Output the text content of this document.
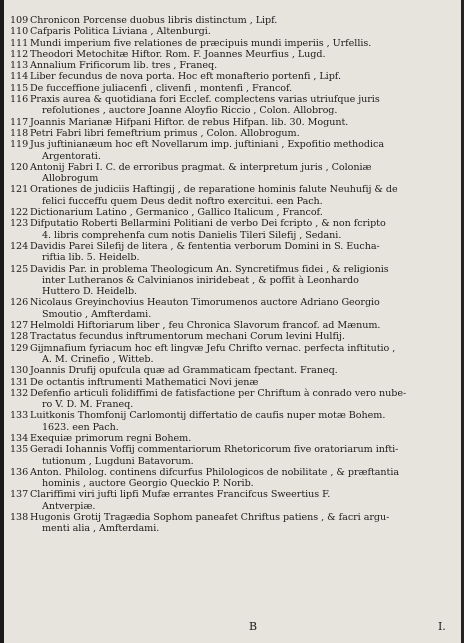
109 Chronicon Porcense duobus libris distinctum , Lipf.
110 Cafparis Politica Liviana , Altenburgi.
111 Mundi imperium five relationes de præcipuis mundi imperiis , Urfellis.
112 Theodori Metochitæ Hiftor. Rom. F. Joannes Meurfius , Lugd.
113 Annalium Frificorum lib. tres , Franeq.
114 Liber fecundus de nova porta. Hoc eft monafterio portenfi , Lipf.
115 De fucceffione juliacenfi , clivenfi , montenfi , Francof.
116 Praxis aurea & quotidiana fori Ecclef. complectens varias utriufque juris
refolutiones , auctore Joanne Aloyfio Riccio , Colon. Allobrog.
117 Joannis Marianæ Hifpani Hiftor. de rebus Hifpan. lib. 30. Mogunt.
118 Petri Fabri libri femeftrium primus , Colon. Allobrogum.
119 Jus juftinianæum hoc eft Novellarum imp. juftiniani , Expofitio methodica
Argentorati.
120 Antonij Fabri I. C. de erroribus pragmat. & interpretum juris , Coloniæ
Allobrogum
121 Orationes de judiciis Haftingij , de reparatione hominis falute Neuhufij & de
felici fucceffu quem Deus dedit noftro exercitui. een Pach.
122 Dictionarium Latino , Germanico , Gallico Italicum , Francof.
123 Difputatio Roberti Bellarmini Politiani de verbo Dei fcripto , & non fcripto
4. libris comprehenfa cum notis Danielis Tileri Silefij , Sedani.
124 Davidis Parei Silefij de litera , & fententia verborum Domini in S. Eucha-
riftia lib. 5. Heidelb.
125 Davidis Par. in problema Theologicum An. Syncretifmus fidei , & religionis
inter Lutheranos & Calvinianos iniridebeat , & poffit à Leonhardo
Huttero D. Heidelb.
126 Nicolaus Greyinchovius Heauton Timorumenos auctore Adriano Georgio
Smoutio , Amfterdami.
127 Helmoldi Hiftoriarum liber , feu Chronica Slavorum francof. ad Mænum.
128 Tractatus fecundus inftrumentorum mechani Corum levini Hulfij.
129 Gijmnafium fyriacum hoc eft lingvæ Jefu Chrifto vernac. perfecta inftitutio ,
A. M. Crinefio , Witteb.
130 Joannis Drufij opufcula quæ ad Grammaticam fpectant. Franeq.
131 De octantis inftrumenti Mathematici Novi jenæ
132 Defenfio articuli folidiffimi de fatisfactione per Chriftum à conrado vero nube-
ro V. D. M. Franeq.
133 Luitkonis Thomfonij Carlomontij differtatio de caufis nuper motæ Bohem.
1623. een Pach.
134 Exequiæ primorum regni Bohem.
135 Geradi Iohannis Voffij commentariorum Rhetoricorum five oratoriarum infti-
tutionum , Lugduni Batavorum.
136 Anton. Philolog. continens difcurfus Philologicos de nobilitate , & præftantia
hominis , auctore Georgio Queckio P. Norib.
137 Clariffimi viri jufti lipfi Mufæ errantes Francifcus Sweertius F.
Antverpiæ.
138 Hugonis Grotij Tragædia Sophom paneafet Chriftus patiens , & facri argu-
menti alia , Amfterdami.
B	I.
